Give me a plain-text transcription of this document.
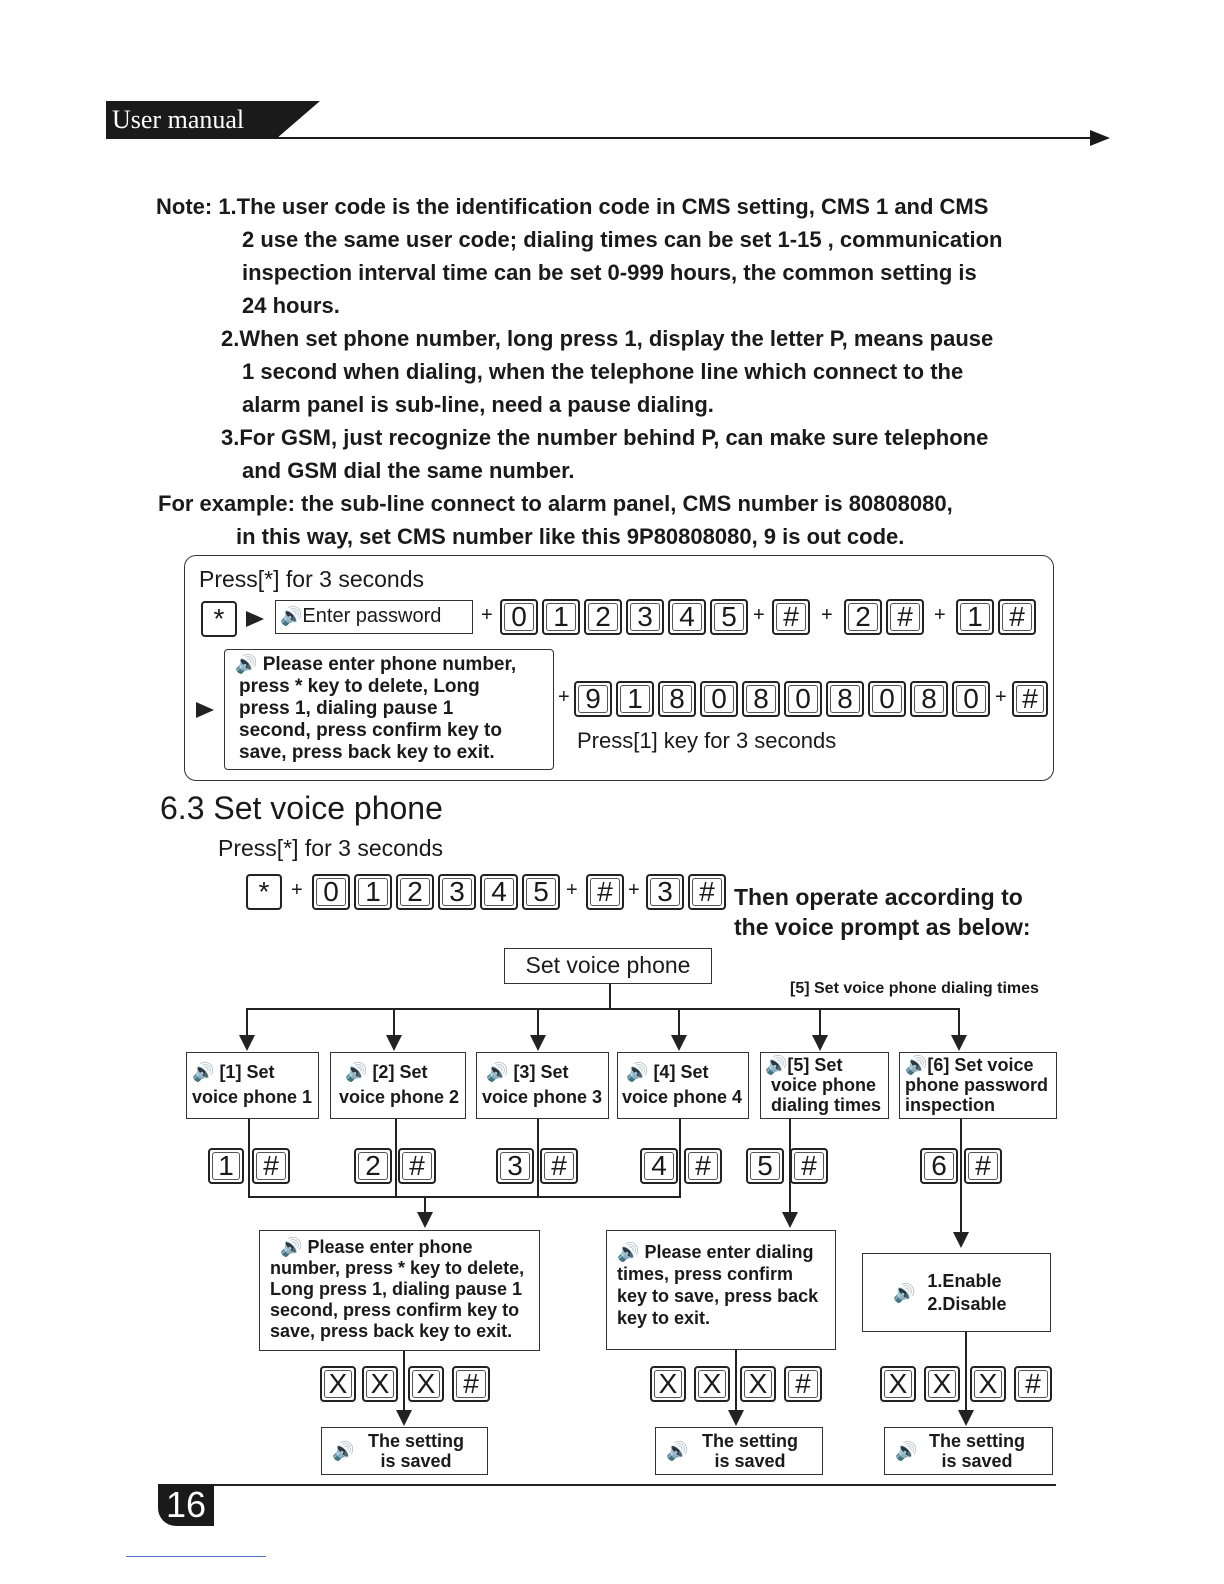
User manual
Note: 1.The user code is the identification code in CMS setting, CMS 1 and CMS
2 use the same user code; dialing times can be set 1-15 , communication
inspection interval time can be set 0-999 hours, the common setting is
24 hours.
2.When set phone number, long press 1, display the letter P, means pause
1 second when dialing, when the telephone line which connect to the
alarm panel is sub-line, need a pause dialing.
3.For GSM, just recognize the number behind P, can make sure telephone
and GSM dial the same number.
For example: the sub-line connect to alarm panel, CMS number is 80808080,
in this way, set CMS number like this 9P80808080, 9 is out code.
Press[*] for 3 seconds
*	🔊Enter password	+ 0 1 2 3 4 5 + #	+ 2 #	+ 1 #
🔊 Please enter phone number,
press * key to delete, Long
press 1, dialing pause 1
second, press confirm key to
save, press back key to exit.
+ 9 1 8 0 8 0 8 0 8 0 + #
Press[1] key for 3 seconds
6.3 Set voice phone
Press[*] for 3 seconds
*	+ 0 1 2 3 4 5 + # + 3 # Then operate according to
the voice prompt as below:
Set voice phone
[5] Set voice phone dialing times
🔊 [1] Set
voice phone 1
🔊 [2] Set
voice phone 2
🔊 [3] Set
voice phone 3
🔊 [4] Set
voice phone 4
🔊[5] Set
voice phone
dialing times
🔊[6] Set voice
phone password
inspection
1	#	2	#	3	#	4	#	5	#	6	#
🔊 Please enter phone
number, press * key to delete,
Long press 1, dialing pause 1
second, press confirm key to
save, press back key to exit.
🔊 Please enter dialing
times, press confirm
key to save, press back
key to exit.
🔊
1.Enable
2.Disable
X X X #	X X X #	X X X #
🔊 The setting
is saved	🔊 The setting
is saved	🔊 The setting
is saved
16
